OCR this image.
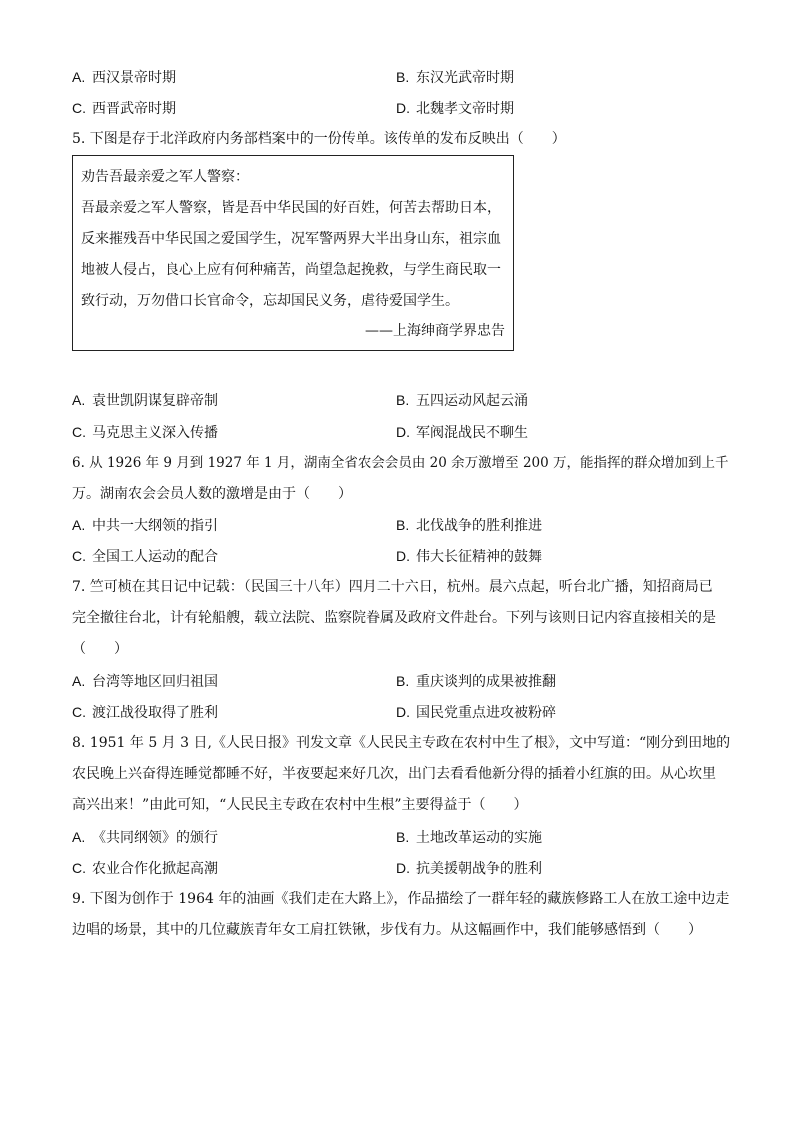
A. 西汉景帝时期	B. 东汉光武帝时期
C. 西晋武帝时期	D. 北魏孝文帝时期
5. 下图是存于北洋政府内务部档案中的一份传单。该传单的发布反映出（　　）
劝告吾最亲爱之军人警察：
吾最亲爱之军人警察，皆是吾中华民国的好百姓，何苦去帮助日本，
反来摧残吾中华民国之爱国学生，况军警两界大半出身山东，祖宗血
地被人侵占，良心上应有何种痛苦，尚望急起挽救，与学生商民取一
致行动，万勿借口长官命令，忘却国民义务，虐待爱国学生。
——上海绅商学界忠告
A. 袁世凯阴谋复辟帝制	B. 五四运动风起云涌
C. 马克思主义深入传播	D. 军阀混战民不聊生
6. 从 1926 年 9 月到 1927 年 1 月，湖南全省农会会员由 20 余万激增至 200 万，能指挥的群众增加到上千
万。湖南农会会员人数的激增是由于（　　）
A. 中共一大纲领的指引	B. 北伐战争的胜利推进
C. 全国工人运动的配合	D. 伟大长征精神的鼓舞
7. 竺可桢在其日记中记载：（民国三十八年）四月二十六日，杭州。晨六点起，听台北广播，知招商局已
完全撤往台北，计有轮船艘，载立法院、监察院眷属及政府文件赴台。下列与该则日记内容直接相关的是
（　　）
A. 台湾等地区回归祖国	B. 重庆谈判的成果被推翻
C. 渡江战役取得了胜利	D. 国民党重点进攻被粉碎
8. 1951 年 5 月 3 日,《人民日报》刊发文章《人民民主专政在农村中生了根》，文中写道：“刚分到田地的
农民晚上兴奋得连睡觉都睡不好，半夜要起来好几次，出门去看看他新分得的插着小红旗的田。从心坎里
高兴出来！”由此可知，“人民民主专政在农村中生根”主要得益于（　　）
A. 《共同纲领》的颁行	B. 土地改革运动的实施
C. 农业合作化掀起高潮	D. 抗美援朝战争的胜利
9. 下图为创作于 1964 年的油画《我们走在大路上》，作品描绘了一群年轻的藏族修路工人在放工途中边走
边唱的场景，其中的几位藏族青年女工肩扛铁锹，步伐有力。从这幅画作中，我们能够感悟到（　　）
